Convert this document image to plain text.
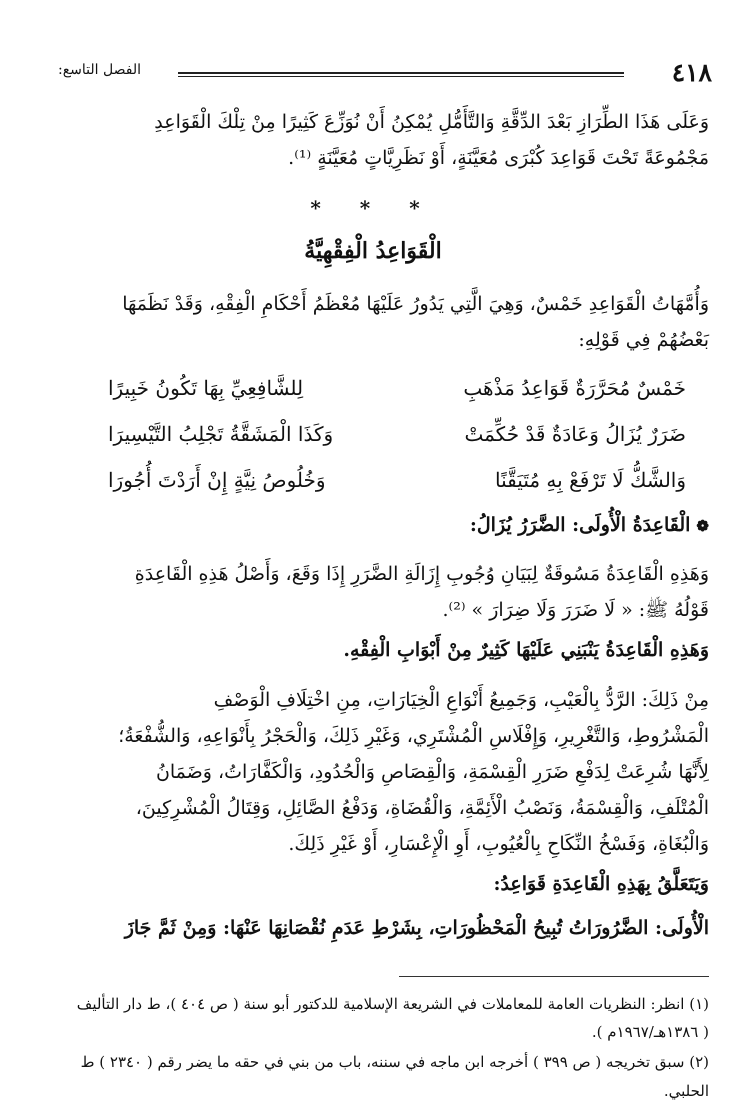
٤١٨
الفصل التاسع:
وَعَلَى هَذَا الطِّرَازِ بَعْدَ الدِّقَّةِ وَالتَّأَمُّلِ يُمْكِنُ أَنْ نُوَزِّعَ كَثِيرًا مِنْ تِلْكَ الْقَوَاعِدِ
مَجْمُوعَةً تَحْتَ قَوَاعِدَ كُبْرَى مُعَيَّنَةٍ، أَوْ نَظَرِيَّاتٍ مُعَيَّنَةٍ ⁽¹⁾.
* * *
الْقَوَاعِدُ الْفِقْهِيَّةُ
وَأُمَّهَاتُ الْقَوَاعِدِ خَمْسٌ، وَهِيَ الَّتِي يَدُورُ عَلَيْهَا مُعْظَمُ أَحْكَامِ الْفِقْهِ، وَقَدْ نَظَمَهَا
بَعْضُهُمْ فِي قَوْلِهِ:
خَمْسٌ مُحَرَّرَةٌ قَوَاعِدُ مَذْهَبِ
لِلشَّافِعِيِّ بِهَا تَكُونُ خَبِيرًا
ضَرَرٌ يُزَالُ وَعَادَةٌ قَدْ حُكِّمَتْ
وَكَذَا الْمَشَقَّةُ تَجْلِبُ التَّيْسِيرَا
وَالشَّكُّ لَا تَرْفَعْ بِهِ مُتَيَقَّنًا
وَخُلُوصُ نِيَّةٍ إِنْ أَرَدْتَ أُجُورَا
❁الْقَاعِدَةُ الْأُولَى: الضَّرَرُ يُزَالُ:
وَهَذِهِ الْقَاعِدَةُ مَسُوقَةٌ لِبَيَانِ وُجُوبِ إِزَالَةِ الضَّرَرِ إِذَا وَقَعَ، وَأَصْلُ هَذِهِ الْقَاعِدَةِ
قَوْلُهُ ﷺ: « لَا ضَرَرَ وَلَا ضِرَارَ » ⁽²⁾.
وَهَذِهِ الْقَاعِدَةُ يَنْبَنِي عَلَيْهَا كَثِيرٌ مِنْ أَبْوَابِ الْفِقْهِ.
مِنْ ذَلِكَ: الرَّدُّ بِالْعَيْبِ، وَجَمِيعُ أَنْوَاعِ الْخِيَارَاتِ، مِنِ اخْتِلَافِ الْوَصْفِ
الْمَشْرُوطِ، وَالتَّغْرِيرِ، وَإِفْلَاسِ الْمُشْتَرِي، وَغَيْرِ ذَلِكَ، وَالْحَجْرُ بِأَنْوَاعِهِ، وَالشُّفْعَةُ؛
لِأَنَّهَا شُرِعَتْ لِدَفْعِ ضَرَرِ الْقِسْمَةِ، وَالْقِصَاصِ وَالْحُدُودِ، وَالْكَفَّارَاتُ، وَضَمَانُ
الْمُتْلَفِ، وَالْقِسْمَةُ، وَنَصْبُ الْأَئِمَّةِ، وَالْقُضَاةِ، وَدَفْعُ الصَّائِلِ، وَقِتَالُ الْمُشْرِكِينَ،
وَالْبُغَاةِ، وَفَسْخُ النِّكَاحِ بِالْعُيُوبِ، أَوِ الْإِعْسَارِ، أَوْ غَيْرِ ذَلِكَ.
وَيَتَعَلَّقُ بِهَذِهِ الْقَاعِدَةِ قَوَاعِدُ:
الْأُولَى: الضَّرُورَاتُ تُبِيحُ الْمَحْظُورَاتِ، بِشَرْطِ عَدَمِ نُقْصَانِهَا عَنْهَا: وَمِنْ ثَمَّ جَازَ
(١) انظر: النظريات العامة للمعاملات في الشريعة الإسلامية للدكتور أبو سنة ( ص ٤٠٤ )، ط دار التأليف
( ١٣٨٦هـ/١٩٦٧م ).
(٢) سبق تخريجه ( ص ٣٩٩ ) أخرجه ابن ماجه في سننه، باب من بني في حقه ما يضر رقم ( ٢٣٤٠ ) ط الحلبي.
